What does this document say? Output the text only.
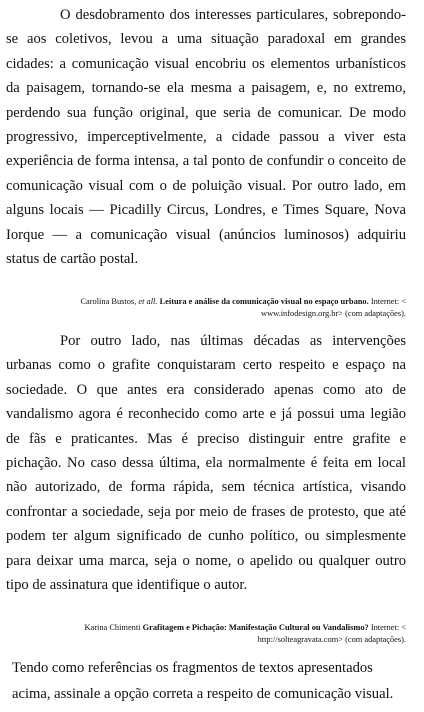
O desdobramento dos interesses particulares, sobrepondo-se aos coletivos, levou a uma situação paradoxal em grandes cidades: a comunicação visual encobriu os elementos urbanísticos da paisagem, tornando-se ela mesma a paisagem, e, no extremo, perdendo sua função original, que seria de comunicar. De modo progressivo, imperceptivelmente, a cidade passou a viver esta experiência de forma intensa, a tal ponto de confundir o conceito de comunicação visual com o de poluição visual. Por outro lado, em alguns locais — Picadilly Circus, Londres, e Times Square, Nova Iorque — a comunicação visual (anúncios luminosos) adquiriu status de cartão postal.

Carolina Bustos, et all. Leitura e análise da comunicação visual no espaço urbano. Internet: < www.infodesign.org.br> (com adaptações).

Por outro lado, nas últimas décadas as intervenções urbanas como o grafite conquistaram certo respeito e espaço na sociedade. O que antes era considerado apenas como ato de vandalismo agora é reconhecido como arte e já possui uma legião de fãs e praticantes. Mas é preciso distinguir entre grafite e pichação. No caso dessa última, ela normalmente é feita em local não autorizado, de forma rápida, sem técnica artística, visando confrontar a sociedade, seja por meio de frases de protesto, que até podem ter algum significado de cunho político, ou simplesmente para deixar uma marca, seja o nome, o apelido ou qualquer outro tipo de assinatura que identifique o autor.

Karina Chimenti Grafitagem e Pichação: Manifestação Cultural ou Vandalismo? Internet: < http://solteagravata.com> (com adaptações).

Tendo como referências os fragmentos de textos apresentados acima, assinale a opção correta a respeito de comunicação visual.
